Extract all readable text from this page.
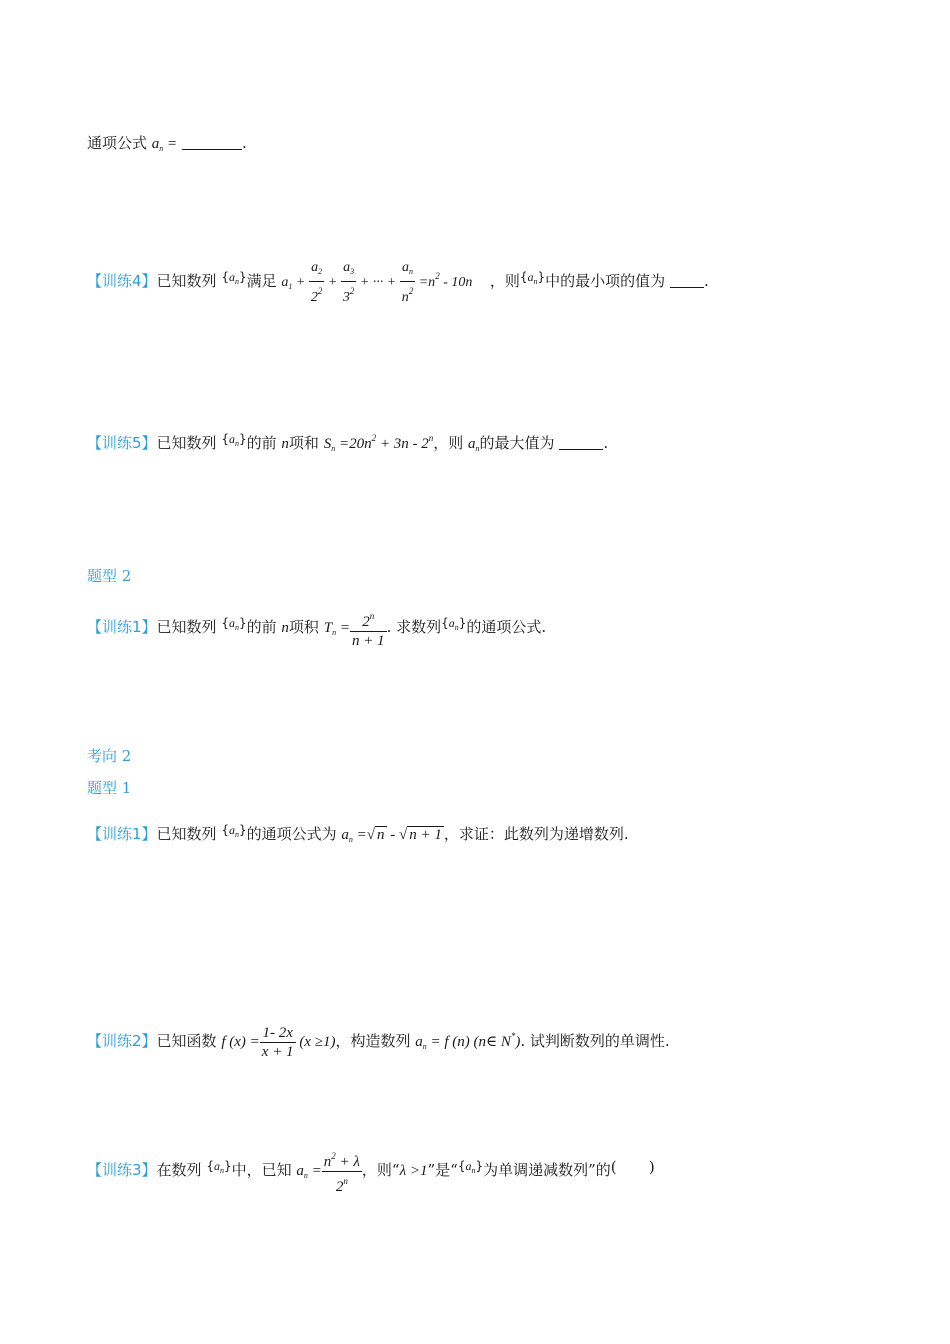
通项公式 $a_n$ =	.
【训练4】已知数列 $^{\{a_n\}}$满足 $a_1 + \frac{a_2}{2^2} + \frac{a_3}{3^2}$ + ··· + $\frac{a_n}{n^2} =n^2 - 10n$ ，则$^{\{a_n\}}$中的最小项的值为	.
【训练5】已知数列 $^{\{a_n\}}$的前 n项和 $S_n =20n^2 + 3n - 2^n$，则 $a_n$的最大值为	.
题型 2
【训练1】已知数列 $^{\{a_n\}}$的前 n项积 $T_n = \frac{2^n}{n + 1}$ . 求数列$^{\{a_n\}}$的通项公式.
考向 2
题型 1
【训练1】已知数列 $^{\{a_n\}}$的通项公式为 $a_n$ =√ n - √ n + 1 ，求证：此数列为递增数列.
【训练2】已知函数 f $(x) = \frac{1- 2x}{x + 1} (x \ge 1)$，构造数列 $a_n = f$ (n) (n∈ N*). 试判断数列的单调性.
【训练3】在数列 $^{\{a_n\}}$中，已知 $a_n = \frac{n^2 + \lambda}{2^n}$ ，则“λ >1”是“$^{\{a_n\}}$为单调递减数列”的( )
